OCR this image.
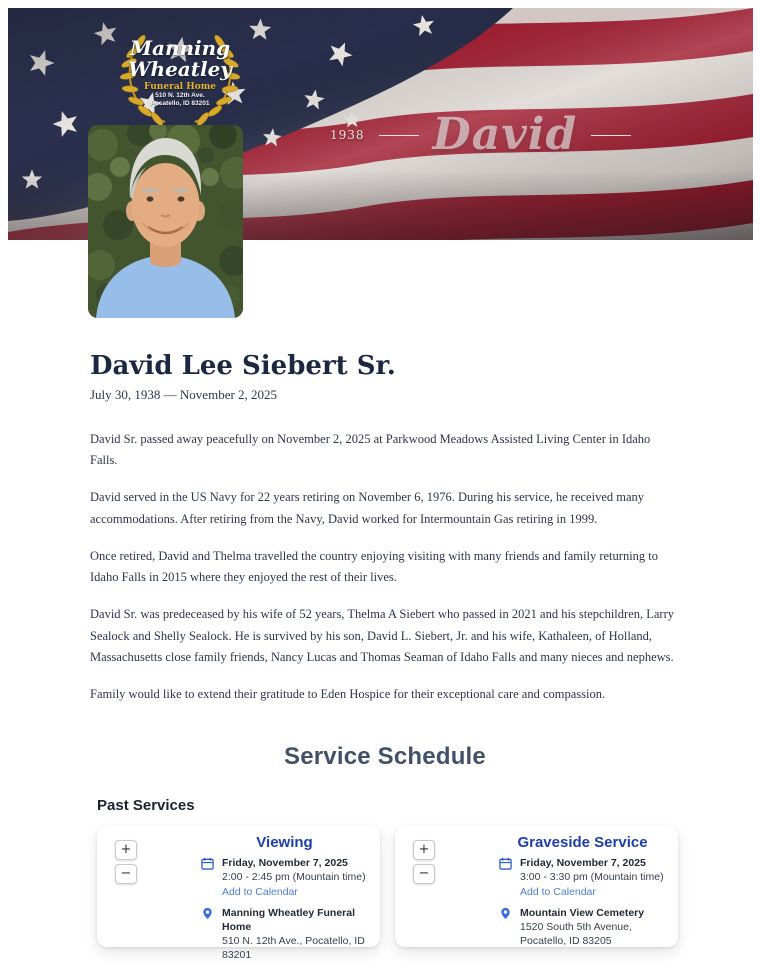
Manning
Wheatley
Funeral Home
510 N. 12th Ave.
Pocatello, ID 83201
1938 David
David Lee Siebert Sr.
July 30, 1938 — November 2, 2025

David Sr. passed away peacefully on November 2, 2025 at Parkwood Meadows Assisted Living Center in Idaho Falls.

David served in the US Navy for 22 years retiring on November 6, 1976. During his service, he received many accommodations. After retiring from the Navy, David worked for Intermountain Gas retiring in 1999.

Once retired, David and Thelma travelled the country enjoying visiting with many friends and family returning to Idaho Falls in 2015 where they enjoyed the rest of their lives.

David Sr. was predeceased by his wife of 52 years, Thelma A Siebert who passed in 2021 and his stepchildren, Larry Sealock and Shelly Sealock. He is survived by his son, David L. Siebert, Jr. and his wife, Kathaleen, of Holland, Massachusetts close family friends, Nancy Lucas and Thomas Seaman of Idaho Falls and many nieces and nephews.

Family would like to extend their gratitude to Eden Hospice for their exceptional care and compassion.

Service Schedule
Past Services
+
−
Viewing
Friday, November 7, 2025
2:00 - 2:45 pm (Mountain time)
Add to Calendar
Manning Wheatley Funeral Home
510 N. 12th Ave., Pocatello, ID 83201
+
−
Graveside Service
Friday, November 7, 2025
3:00 - 3:30 pm (Mountain time)
Add to Calendar
Mountain View Cemetery
1520 South 5th Avenue, Pocatello, ID 83205
